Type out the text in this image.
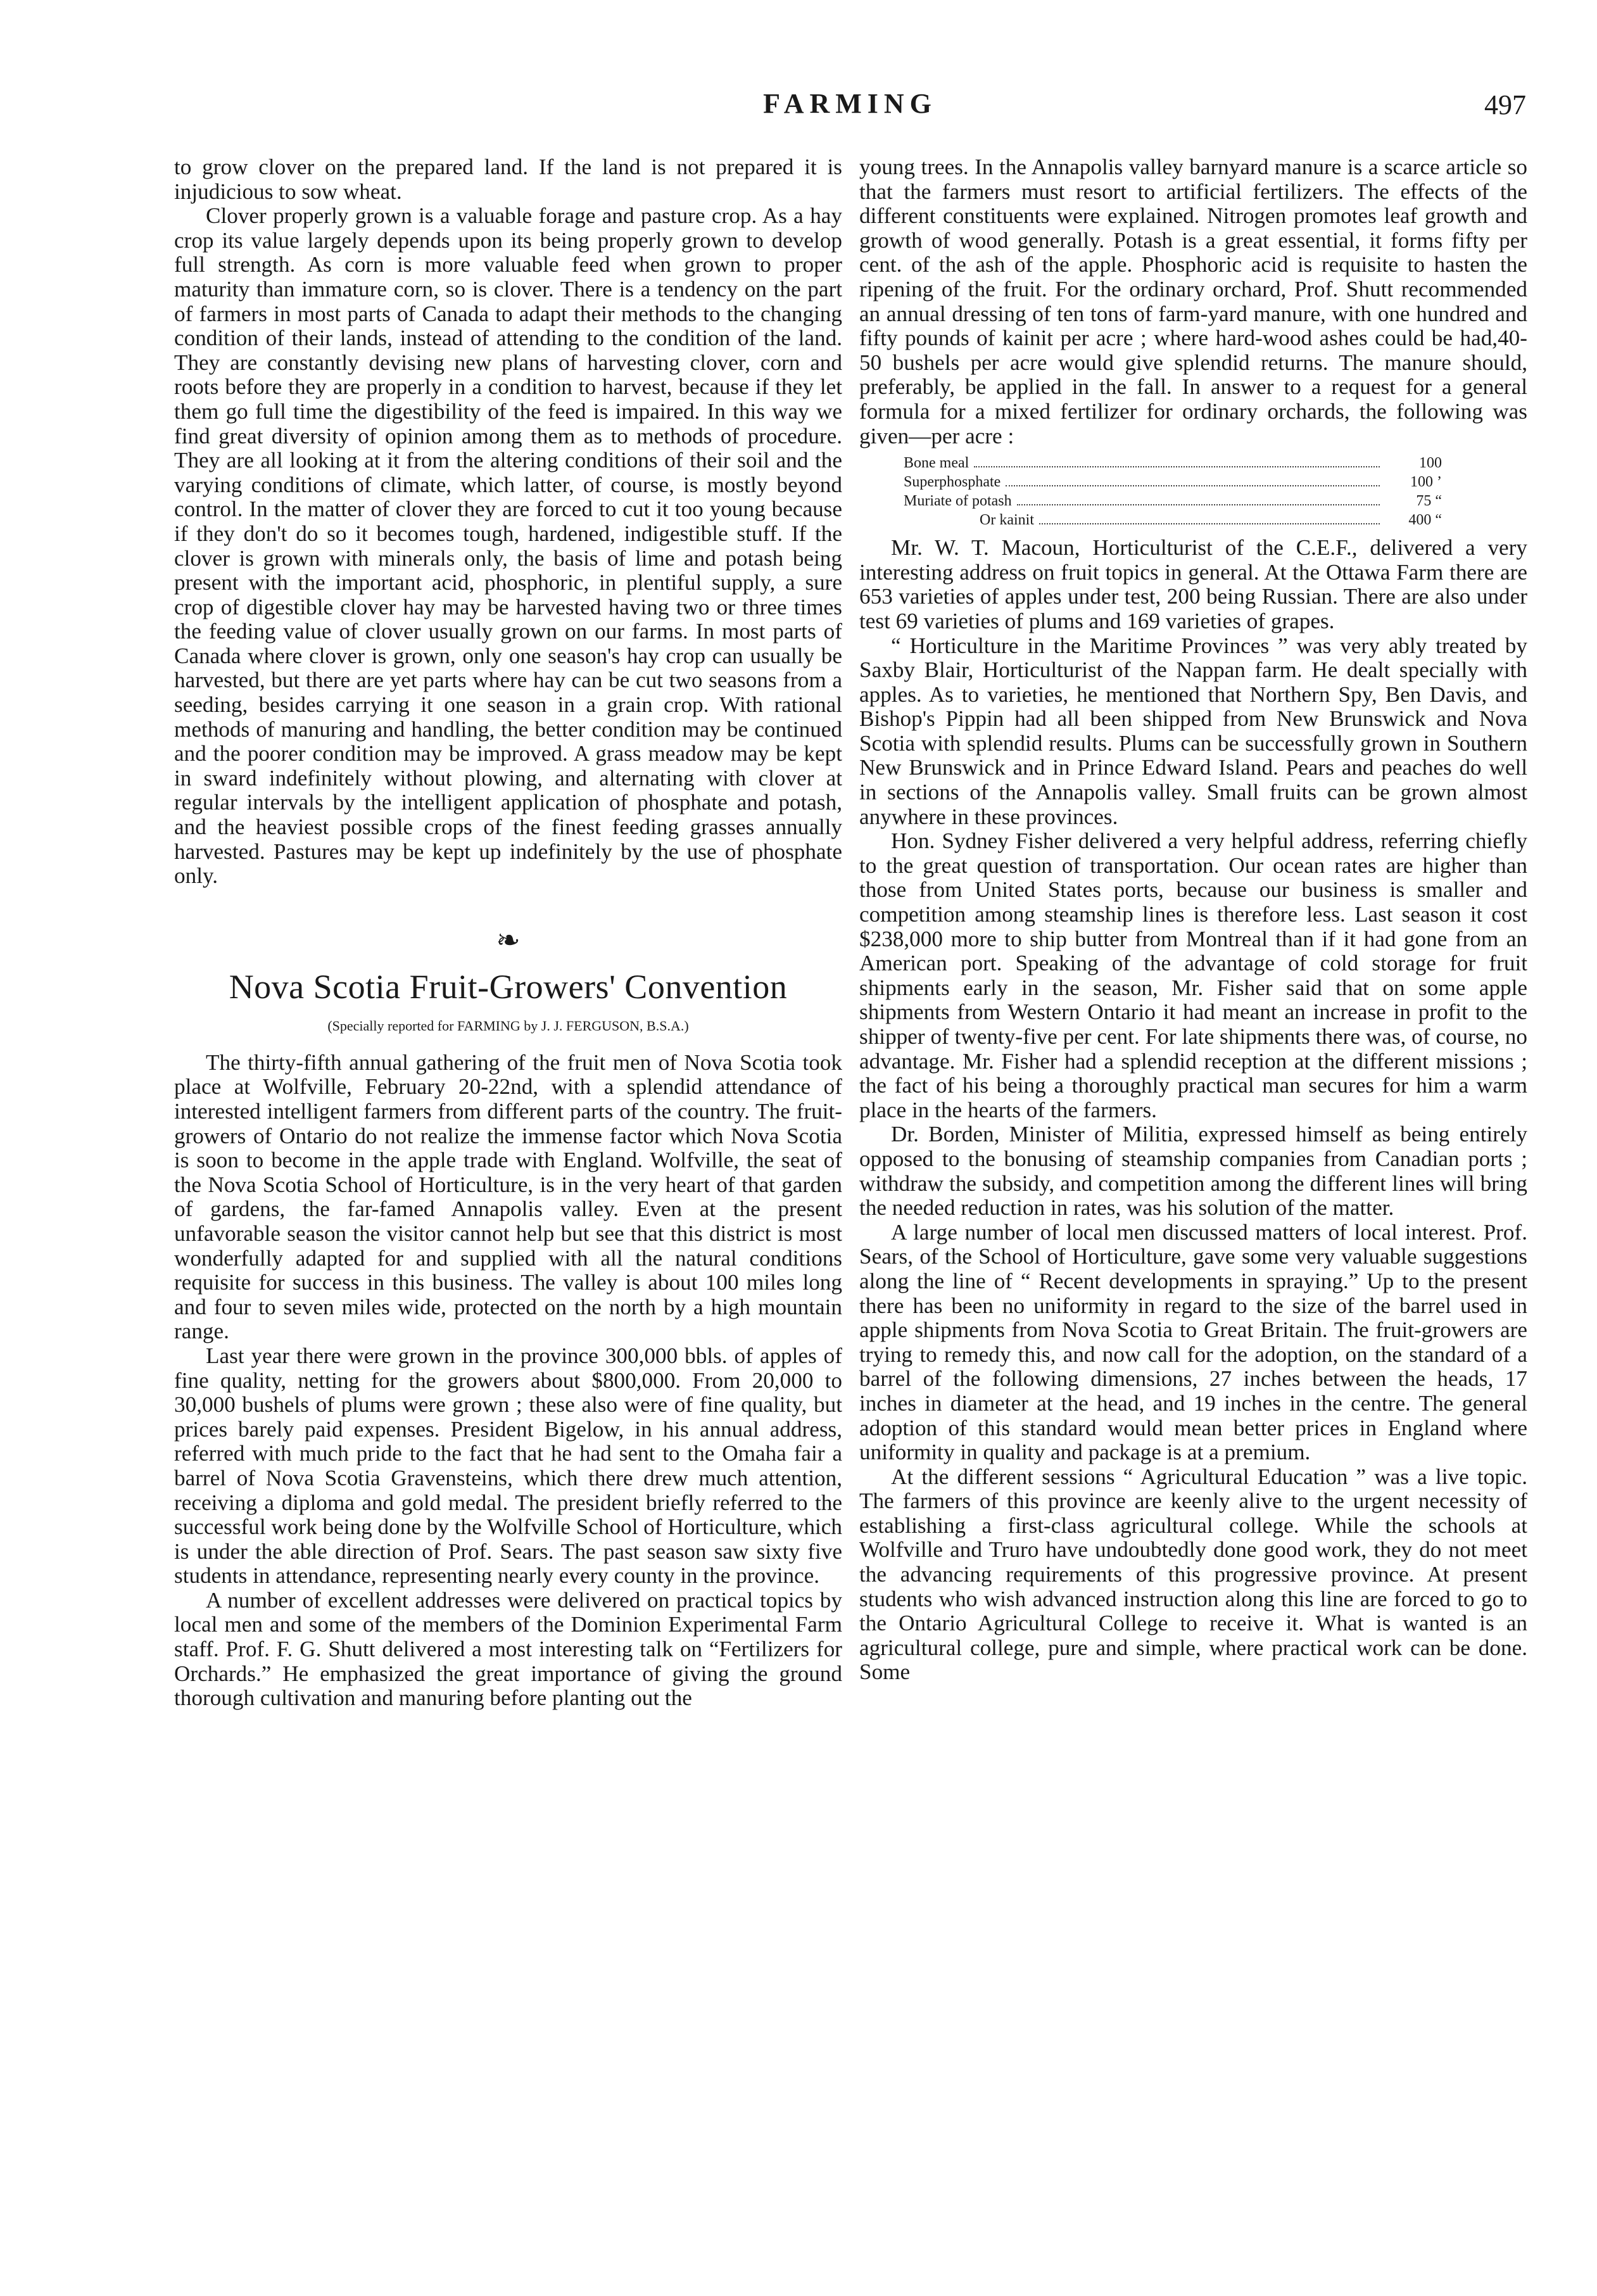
FARMING	497

to grow clover on the prepared land. If the land is not prepared it is injudicious to sow wheat.

Clover properly grown is a valuable forage and pasture crop. As a hay crop its value largely depends upon its being properly grown to develop full strength. As corn is more valuable feed when grown to proper maturity than immature corn, so is clover. There is a tendency on the part of farmers in most parts of Canada to adapt their methods to the changing condition of their lands, instead of attending to the condition of the land. They are constantly devising new plans of harvesting clover, corn and roots before they are properly in a condition to harvest, because if they let them go full time the digestibility of the feed is impaired. In this way we find great diversity of opinion among them as to methods of procedure. They are all looking at it from the altering conditions of their soil and the varying conditions of climate, which latter, of course, is mostly beyond control. In the matter of clover they are forced to cut it too young because if they don't do so it becomes tough, hardened, indigestible stuff. If the clover is grown with minerals only, the basis of lime and potash being present with the important acid, phosphoric, in plentiful supply, a sure crop of digestible clover hay may be harvested having two or three times the feeding value of clover usually grown on our farms. In most parts of Canada where clover is grown, only one season's hay crop can usually be harvested, but there are yet parts where hay can be cut two seasons from a seeding, besides carrying it one season in a grain crop. With rational methods of manuring and handling, the better condition may be continued and the poorer condition may be improved. A grass meadow may be kept in sward indefinitely without plowing, and alternating with clover at regular intervals by the intelligent application of phosphate and potash, and the heaviest possible crops of the finest feeding grasses annually harvested. Pastures may be kept up indefinitely by the use of phosphate only.

❧
Nova Scotia Fruit-Growers' Convention
(Specially reported for FARMING by J. J. FERGUSON, B.S.A.)

The thirty-fifth annual gathering of the fruit men of Nova Scotia took place at Wolfville, February 20-22nd, with a splendid attendance of interested intelligent farmers from different parts of the country. The fruit-growers of Ontario do not realize the immense factor which Nova Scotia is soon to become in the apple trade with England. Wolfville, the seat of the Nova Scotia School of Horticulture, is in the very heart of that garden of gardens, the far-famed Annapolis valley. Even at the present unfavorable season the visitor cannot help but see that this district is most wonderfully adapted for and supplied with all the natural conditions requisite for success in this business. The valley is about 100 miles long and four to seven miles wide, protected on the north by a high mountain range.

Last year there were grown in the province 300,000 bbls. of apples of fine quality, netting for the growers about $800,000. From 20,000 to 30,000 bushels of plums were grown ; these also were of fine quality, but prices barely paid expenses. President Bigelow, in his annual address, referred with much pride to the fact that he had sent to the Omaha fair a barrel of Nova Scotia Gravensteins, which there drew much attention, receiving a diploma and gold medal. The president briefly referred to the successful work being done by the Wolfville School of Horticulture, which is under the able direction of Prof. Sears. The past season saw sixty five students in attendance, representing nearly every county in the province.

A number of excellent addresses were delivered on practical topics by local men and some of the members of the Dominion Experimental Farm staff. Prof. F. G. Shutt delivered a most interesting talk on “Fertilizers for Orchards.” He emphasized the great importance of giving the ground thorough cultivation and manuring before planting out the

young trees. In the Annapolis valley barnyard manure is a scarce article so that the farmers must resort to artificial fertilizers. The effects of the different constituents were explained. Nitrogen promotes leaf growth and growth of wood generally. Potash is a great essential, it forms fifty per cent. of the ash of the apple. Phosphoric acid is requisite to hasten the ripening of the fruit. For the ordinary orchard, Prof. Shutt recommended an annual dressing of ten tons of farm-yard manure, with one hundred and fifty pounds of kainit per acre ; where hard-wood ashes could be had,40-50 bushels per acre would give splendid returns. The manure should, preferably, be applied in the fall. In answer to a request for a general formula for a mixed fertilizer for ordinary orchards, the following was given—per acre :

Bone meal	100
Superphosphate	100 ’
Muriate of potash	75 “
Or kainit	400 “

Mr. W. T. Macoun, Horticulturist of the C.E.F., delivered a very interesting address on fruit topics in general. At the Ottawa Farm there are 653 varieties of apples under test, 200 being Russian. There are also under test 69 varieties of plums and 169 varieties of grapes.

“ Horticulture in the Maritime Provinces ” was very ably treated by Saxby Blair, Horticulturist of the Nappan farm. He dealt specially with apples. As to varieties, he mentioned that Northern Spy, Ben Davis, and Bishop's Pippin had all been shipped from New Brunswick and Nova Scotia with splendid results. Plums can be successfully grown in Southern New Brunswick and in Prince Edward Island. Pears and peaches do well in sections of the Annapolis valley. Small fruits can be grown almost anywhere in these provinces.

Hon. Sydney Fisher delivered a very helpful address, referring chiefly to the great question of transportation. Our ocean rates are higher than those from United States ports, because our business is smaller and competition among steamship lines is therefore less. Last season it cost $238,000 more to ship butter from Montreal than if it had gone from an American port. Speaking of the advantage of cold storage for fruit shipments early in the season, Mr. Fisher said that on some apple shipments from Western Ontario it had meant an increase in profit to the shipper of twenty-five per cent. For late shipments there was, of course, no advantage. Mr. Fisher had a splendid reception at the different missions ; the fact of his being a thoroughly practical man secures for him a warm place in the hearts of the farmers.

Dr. Borden, Minister of Militia, expressed himself as being entirely opposed to the bonusing of steamship companies from Canadian ports ; withdraw the subsidy, and competition among the different lines will bring the needed reduction in rates, was his solution of the matter.

A large number of local men discussed matters of local interest. Prof. Sears, of the School of Horticulture, gave some very valuable suggestions along the line of “ Recent developments in spraying.” Up to the present there has been no uniformity in regard to the size of the barrel used in apple shipments from Nova Scotia to Great Britain. The fruit-growers are trying to remedy this, and now call for the adoption, on the standard of a barrel of the following dimensions, 27 inches between the heads, 17 inches in diameter at the head, and 19 inches in the centre. The general adoption of this standard would mean better prices in England where uniformity in quality and package is at a premium.

At the different sessions “ Agricultural Education ” was a live topic. The farmers of this province are keenly alive to the urgent necessity of establishing a first-class agricultural college. While the schools at Wolfville and Truro have undoubtedly done good work, they do not meet the advancing requirements of this progressive province. At present students who wish advanced instruction along this line are forced to go to the Ontario Agricultural College to receive it. What is wanted is an agricultural college, pure and simple, where practical work can be done. Some
